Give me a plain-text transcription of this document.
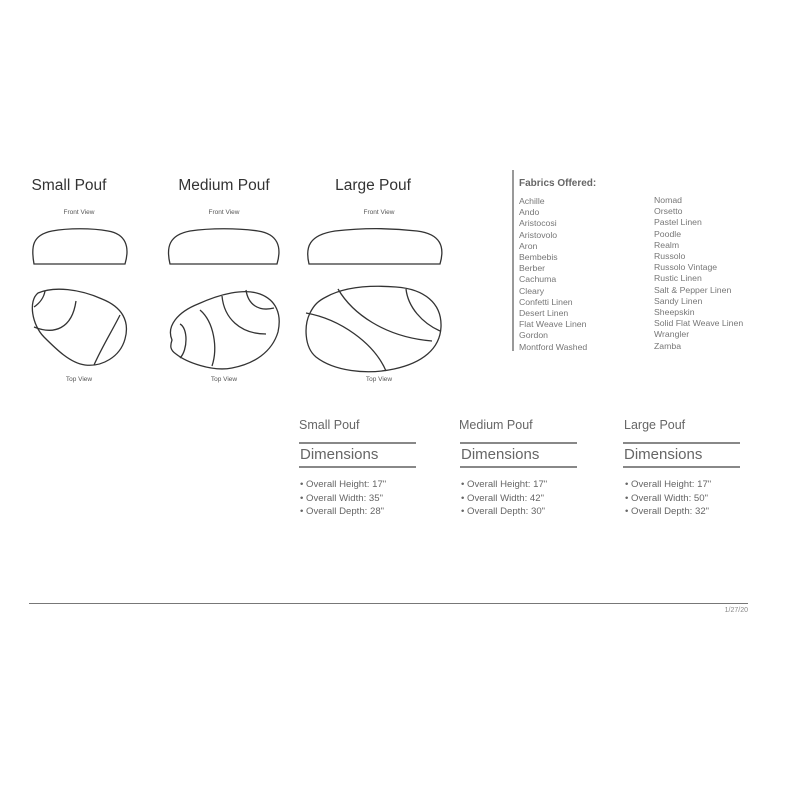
Small Pouf
Front View
Top View
Medium Pouf
Front View
Top View
Large Pouf
Front View
Top View
Fabrics Offered:
Achille
Ando
Aristocosi
Aristovolo
Aron
Bembebis
Berber
Cachuma
Cleary
Confetti Linen
Desert Linen
Flat Weave Linen
Gordon
Montford Washed
Nomad
Orsetto
Pastel Linen
Poodle
Realm
Russolo
Russolo Vintage
Rustic Linen
Salt & Pepper Linen
Sandy Linen
Sheepskin
Solid Flat Weave Linen
Wrangler
Zamba
Small Pouf
Dimensions
• Overall Height: 17"
• Overall Width: 35"
• Overall Depth: 28"
Medium Pouf
Dimensions
• Overall Height: 17"
• Overall Width: 42"
• Overall Depth: 30"
Large Pouf
Dimensions
• Overall Height: 17"
• Overall Width: 50"
• Overall Depth: 32"
1/27/20
